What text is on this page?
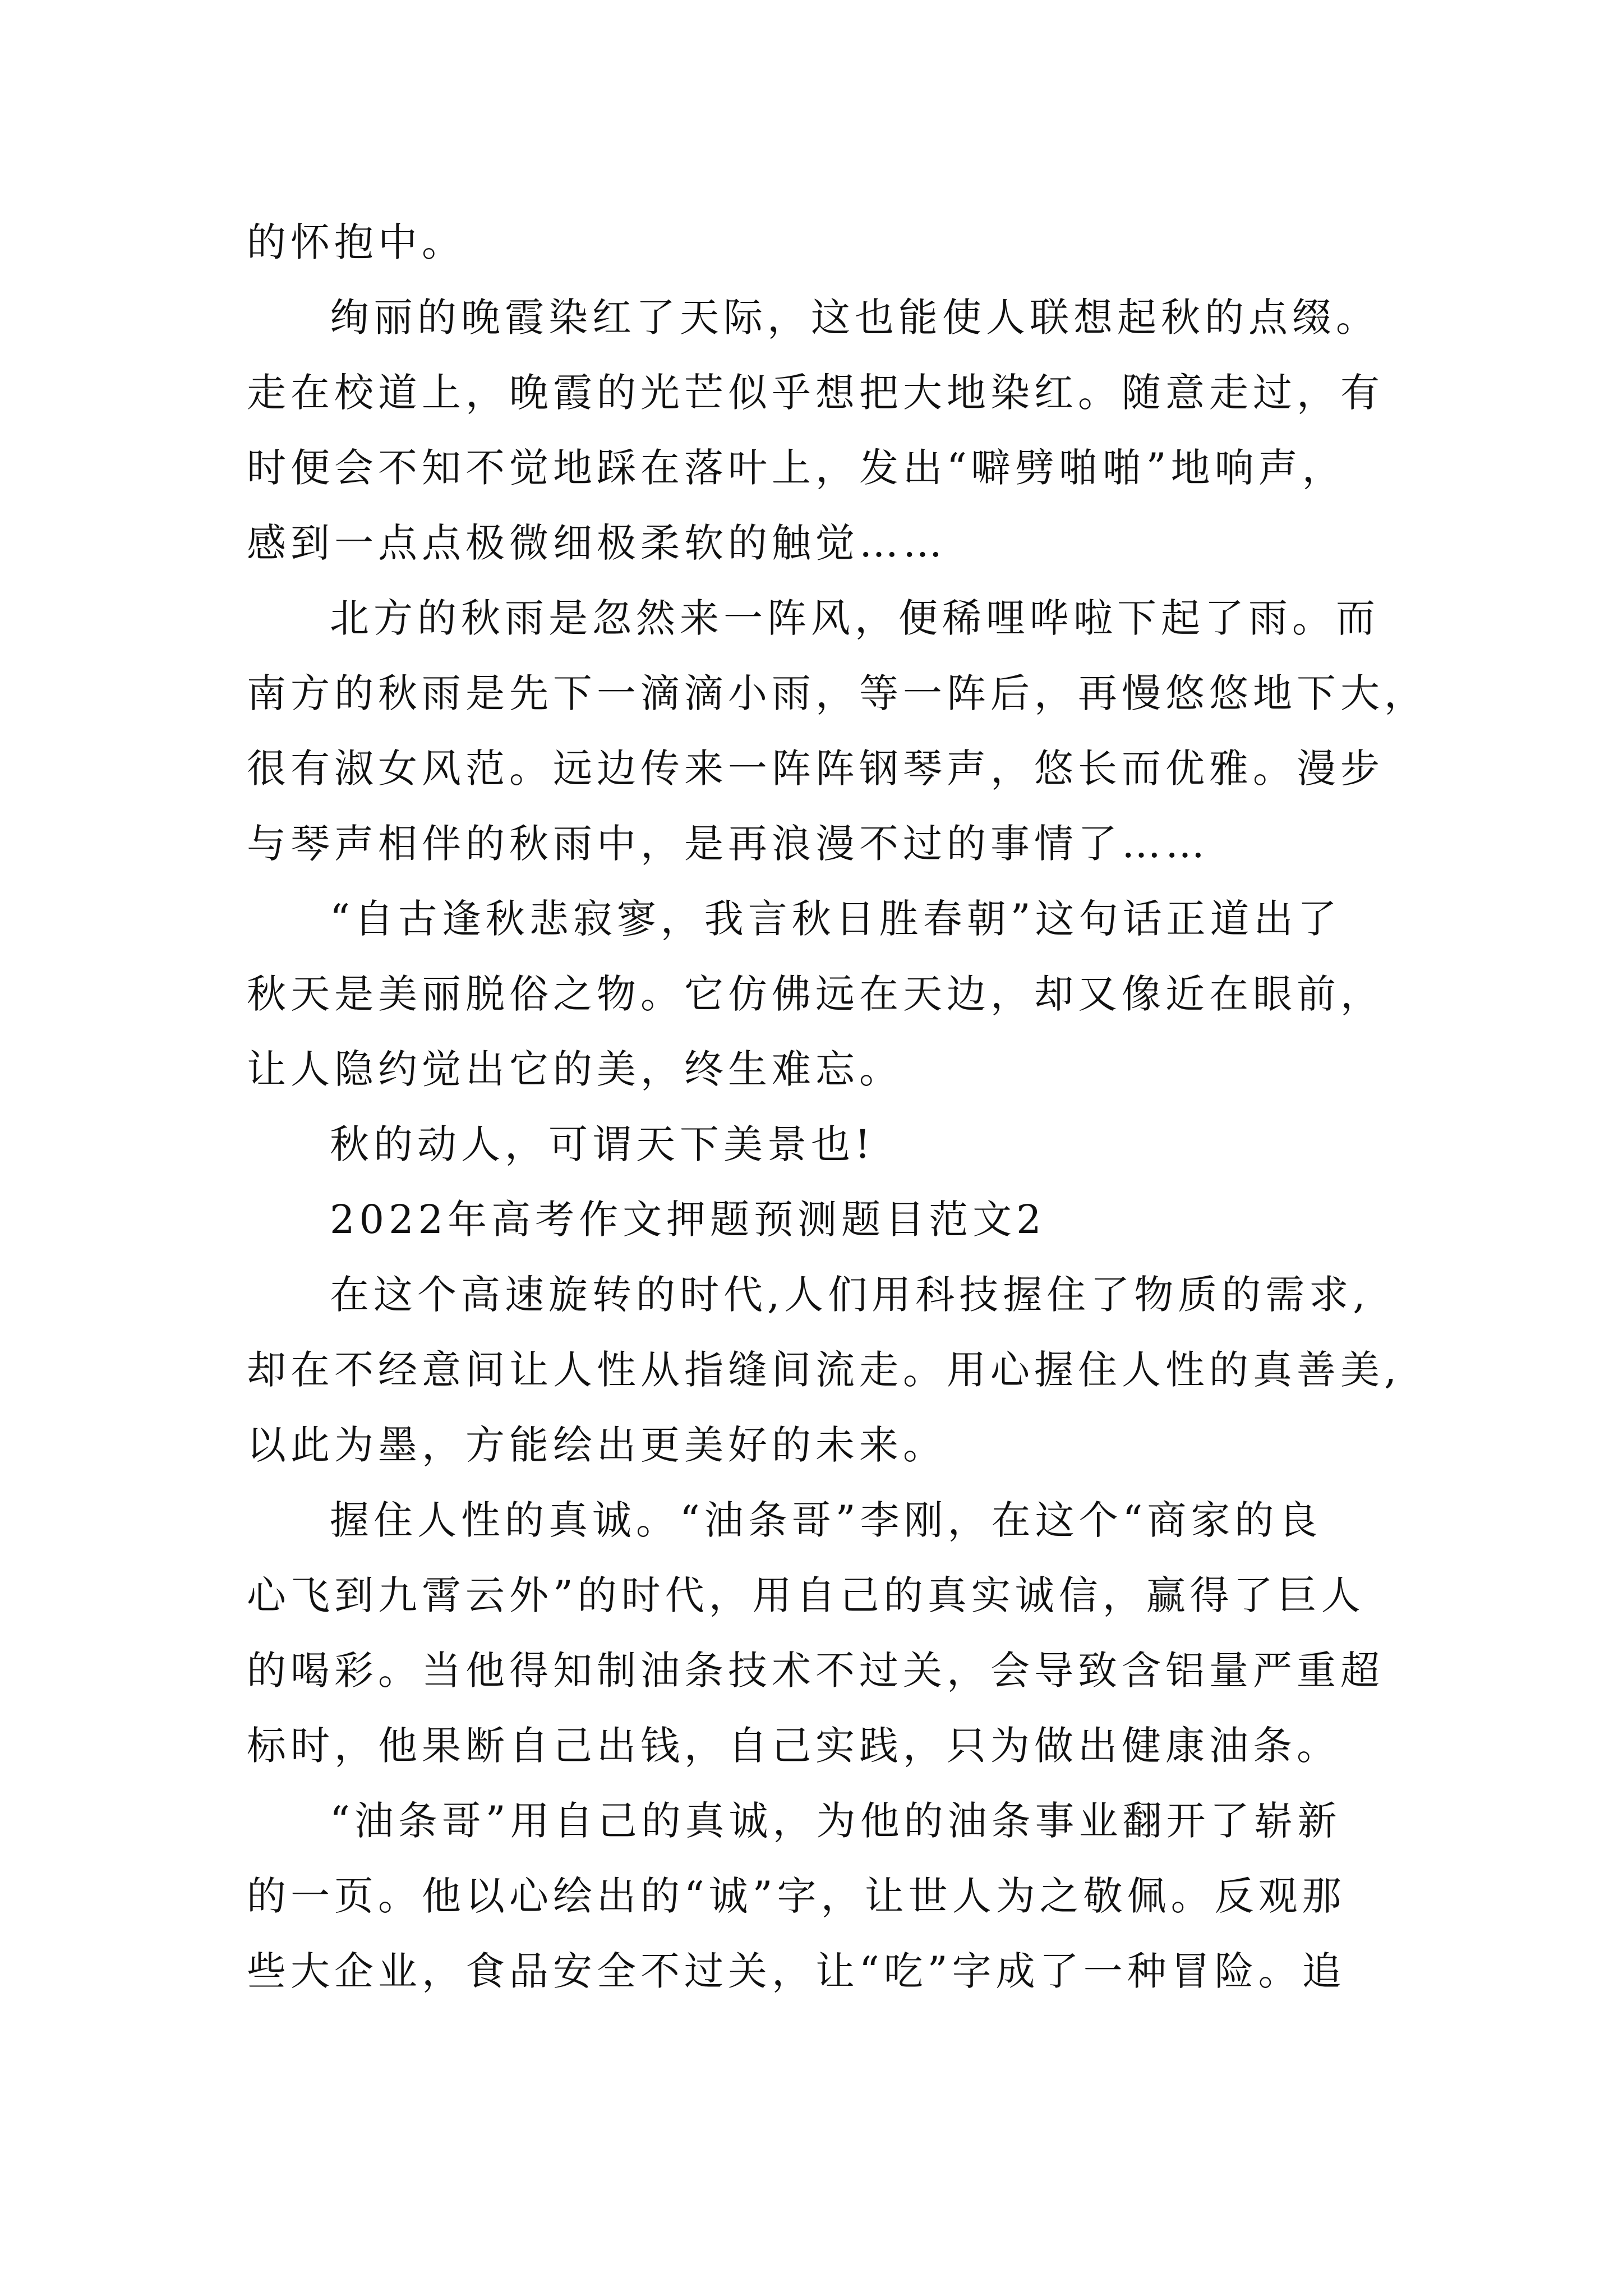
的怀抱中。
绚丽的晚霞染红了天际，这也能使人联想起秋的点缀。
走在校道上，晚霞的光芒似乎想把大地染红。随意走过，有
时便会不知不觉地踩在落叶上，发出“噼劈啪啪”地响声，
感到一点点极微细极柔软的触觉……
北方的秋雨是忽然来一阵风，便稀哩哗啦下起了雨。而
南方的秋雨是先下一滴滴小雨，等一阵后，再慢悠悠地下大，
很有淑女风范。远边传来一阵阵钢琴声，悠长而优雅。漫步
与琴声相伴的秋雨中，是再浪漫不过的事情了……
“自古逢秋悲寂寥，我言秋日胜春朝”这句话正道出了
秋天是美丽脱俗之物。它仿佛远在天边，却又像近在眼前，
让人隐约觉出它的美，终生难忘。
秋的动人，可谓天下美景也!
2022年高考作文押题预测题目范文2
在这个高速旋转的时代,人们用科技握住了物质的需求,
却在不经意间让人性从指缝间流走。用心握住人性的真善美,
以此为墨，方能绘出更美好的未来。
握住人性的真诚。“油条哥”李刚，在这个“商家的良
心飞到九霄云外”的时代，用自己的真实诚信，赢得了巨人
的喝彩。当他得知制油条技术不过关，会导致含铝量严重超
标时，他果断自己出钱，自己实践，只为做出健康油条。
“油条哥”用自己的真诚，为他的油条事业翻开了崭新
的一页。他以心绘出的“诚”字，让世人为之敬佩。反观那
些大企业，食品安全不过关，让“吃”字成了一种冒险。追
